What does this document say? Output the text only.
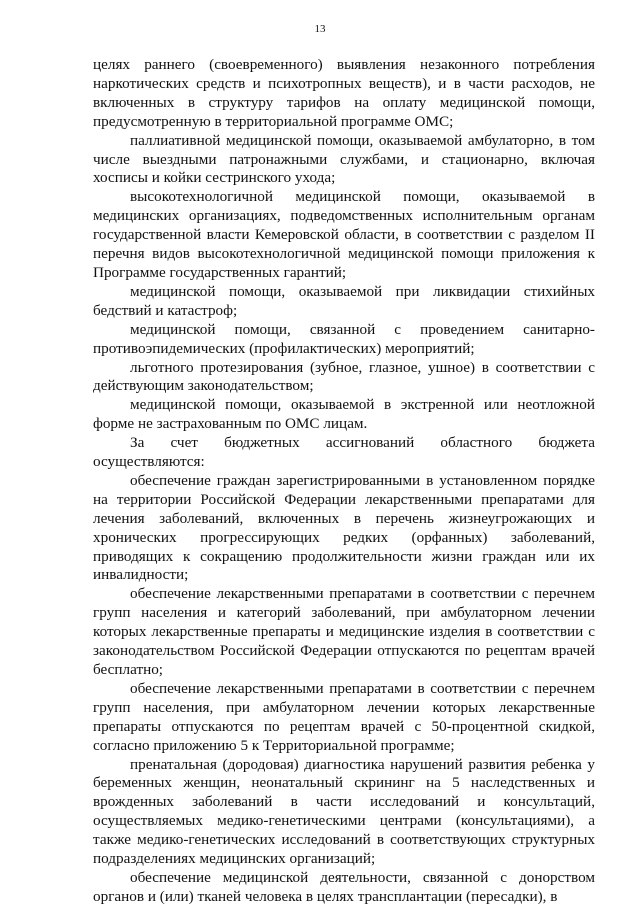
13

целях раннего (своевременного) выявления незаконного потребления наркотических средств и психотропных веществ), и в части расходов, не включенных в структуру тарифов на оплату медицинской помощи, предусмотренную в территориальной программе ОМС;

паллиативной медицинской помощи, оказываемой амбулаторно, в том числе выездными патронажными службами, и стационарно, включая хосписы и койки сестринского ухода;

высокотехнологичной медицинской помощи, оказываемой в медицинских организациях, подведомственных исполнительным органам государственной власти Кемеровской области, в соответствии с разделом II перечня видов высокотехнологичной медицинской помощи приложения к Программе государственных гарантий;

медицинской помощи, оказываемой при ликвидации стихийных бедствий и катастроф;

медицинской помощи, связанной с проведением санитарно-противоэпидемических (профилактических) мероприятий;

льготного протезирования (зубное, глазное, ушное) в соответствии с действующим законодательством;

медицинской помощи, оказываемой в экстренной или неотложной форме не застрахованным по ОМС лицам.

За счет бюджетных ассигнований областного бюджета осуществляются:

обеспечение граждан зарегистрированными в установленном порядке на территории Российской Федерации лекарственными препаратами для лечения заболеваний, включенных в перечень жизнеугрожающих и хронических прогрессирующих редких (орфанных) заболеваний, приводящих к сокращению продолжительности жизни граждан или их инвалидности;

обеспечение лекарственными препаратами в соответствии с перечнем групп населения и категорий заболеваний, при амбулаторном лечении которых лекарственные препараты и медицинские изделия в соответствии с законодательством Российской Федерации отпускаются по рецептам врачей бесплатно;

обеспечение лекарственными препаратами в соответствии с перечнем групп населения, при амбулаторном лечении которых лекарственные препараты отпускаются по рецептам врачей с 50-процентной скидкой, согласно приложению 5 к Территориальной программе;

пренатальная (дородовая) диагностика нарушений развития ребенка у беременных женщин, неонатальный скрининг на 5 наследственных и врожденных заболеваний в части исследований и консультаций, осуществляемых медико-генетическими центрами (консультациями), а также медико-генетических исследований в соответствующих структурных подразделениях медицинских организаций;

обеспечение медицинской деятельности, связанной с донорством органов и (или) тканей человека в целях трансплантации (пересадки), в
